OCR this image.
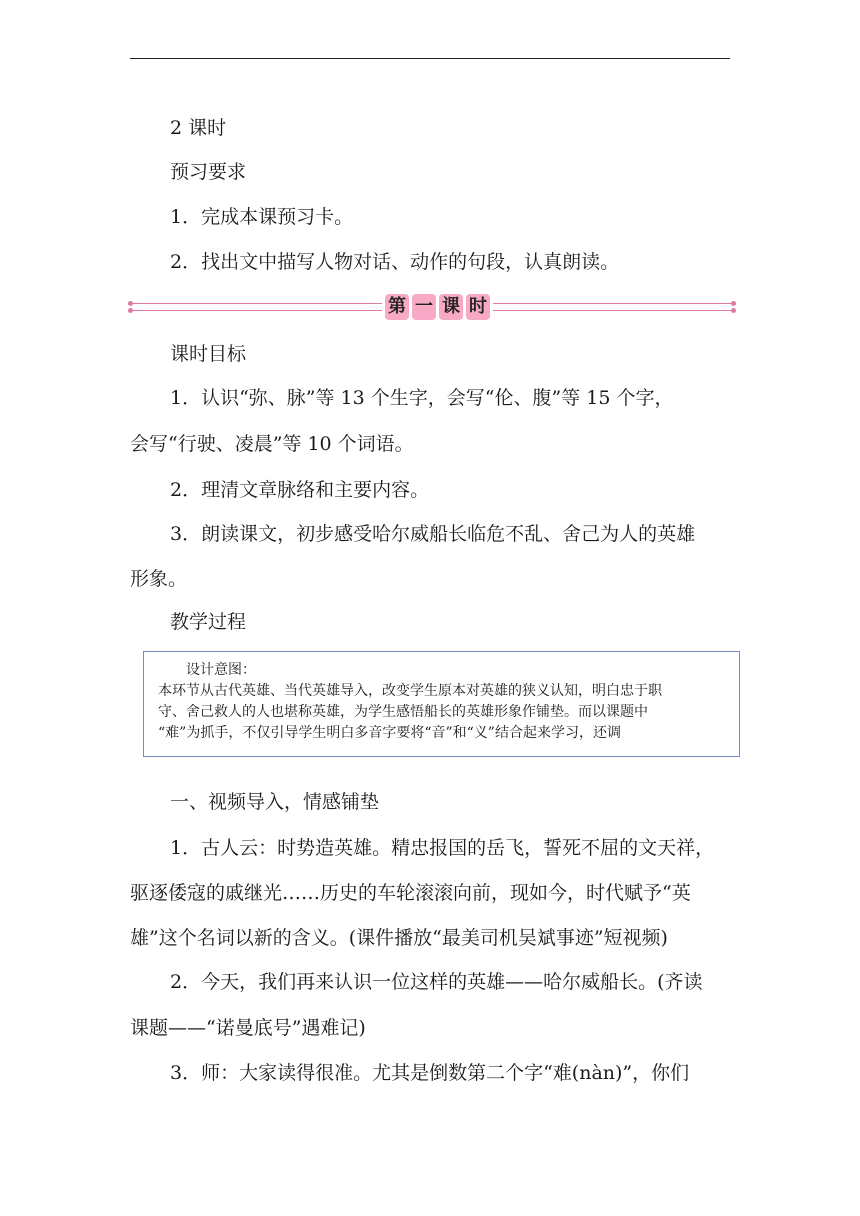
2 课时
预习要求
1．完成本课预习卡。
2．找出文中描写人物对话、动作的句段，认真朗读。
第 一 课 时
课时目标
1．认识“弥、脉”等 13 个生字，会写“伦、腹”等 15 个字，
会写“行驶、凌晨”等 10 个词语。
2．理清文章脉络和主要内容。
3．朗读课文，初步感受哈尔威船长临危不乱、舍己为人的英雄
形象。
教学过程
设计意图：
本环节从古代英雄、当代英雄导入，改变学生原本对英雄的狭义认知，明白忠于职
守、舍己救人的人也堪称英雄，为学生感悟船长的英雄形象作铺垫。而以课题中
“难”为抓手，不仅引导学生明白多音字要将“音”和“义”结合起来学习，还调
一、视频导入，情感铺垫
1．古人云：时势造英雄。精忠报国的岳飞，誓死不屈的文天祥，
驱逐倭寇的戚继光……历史的车轮滚滚向前，现如今，时代赋予“英
雄”这个名词以新的含义。(课件播放“最美司机吴斌事迹”短视频)
2．今天，我们再来认识一位这样的英雄——哈尔威船长。(齐读
课题——“诺曼底号”遇难记)
3．师：大家读得很准。尤其是倒数第二个字“难(nàn)”，你们
